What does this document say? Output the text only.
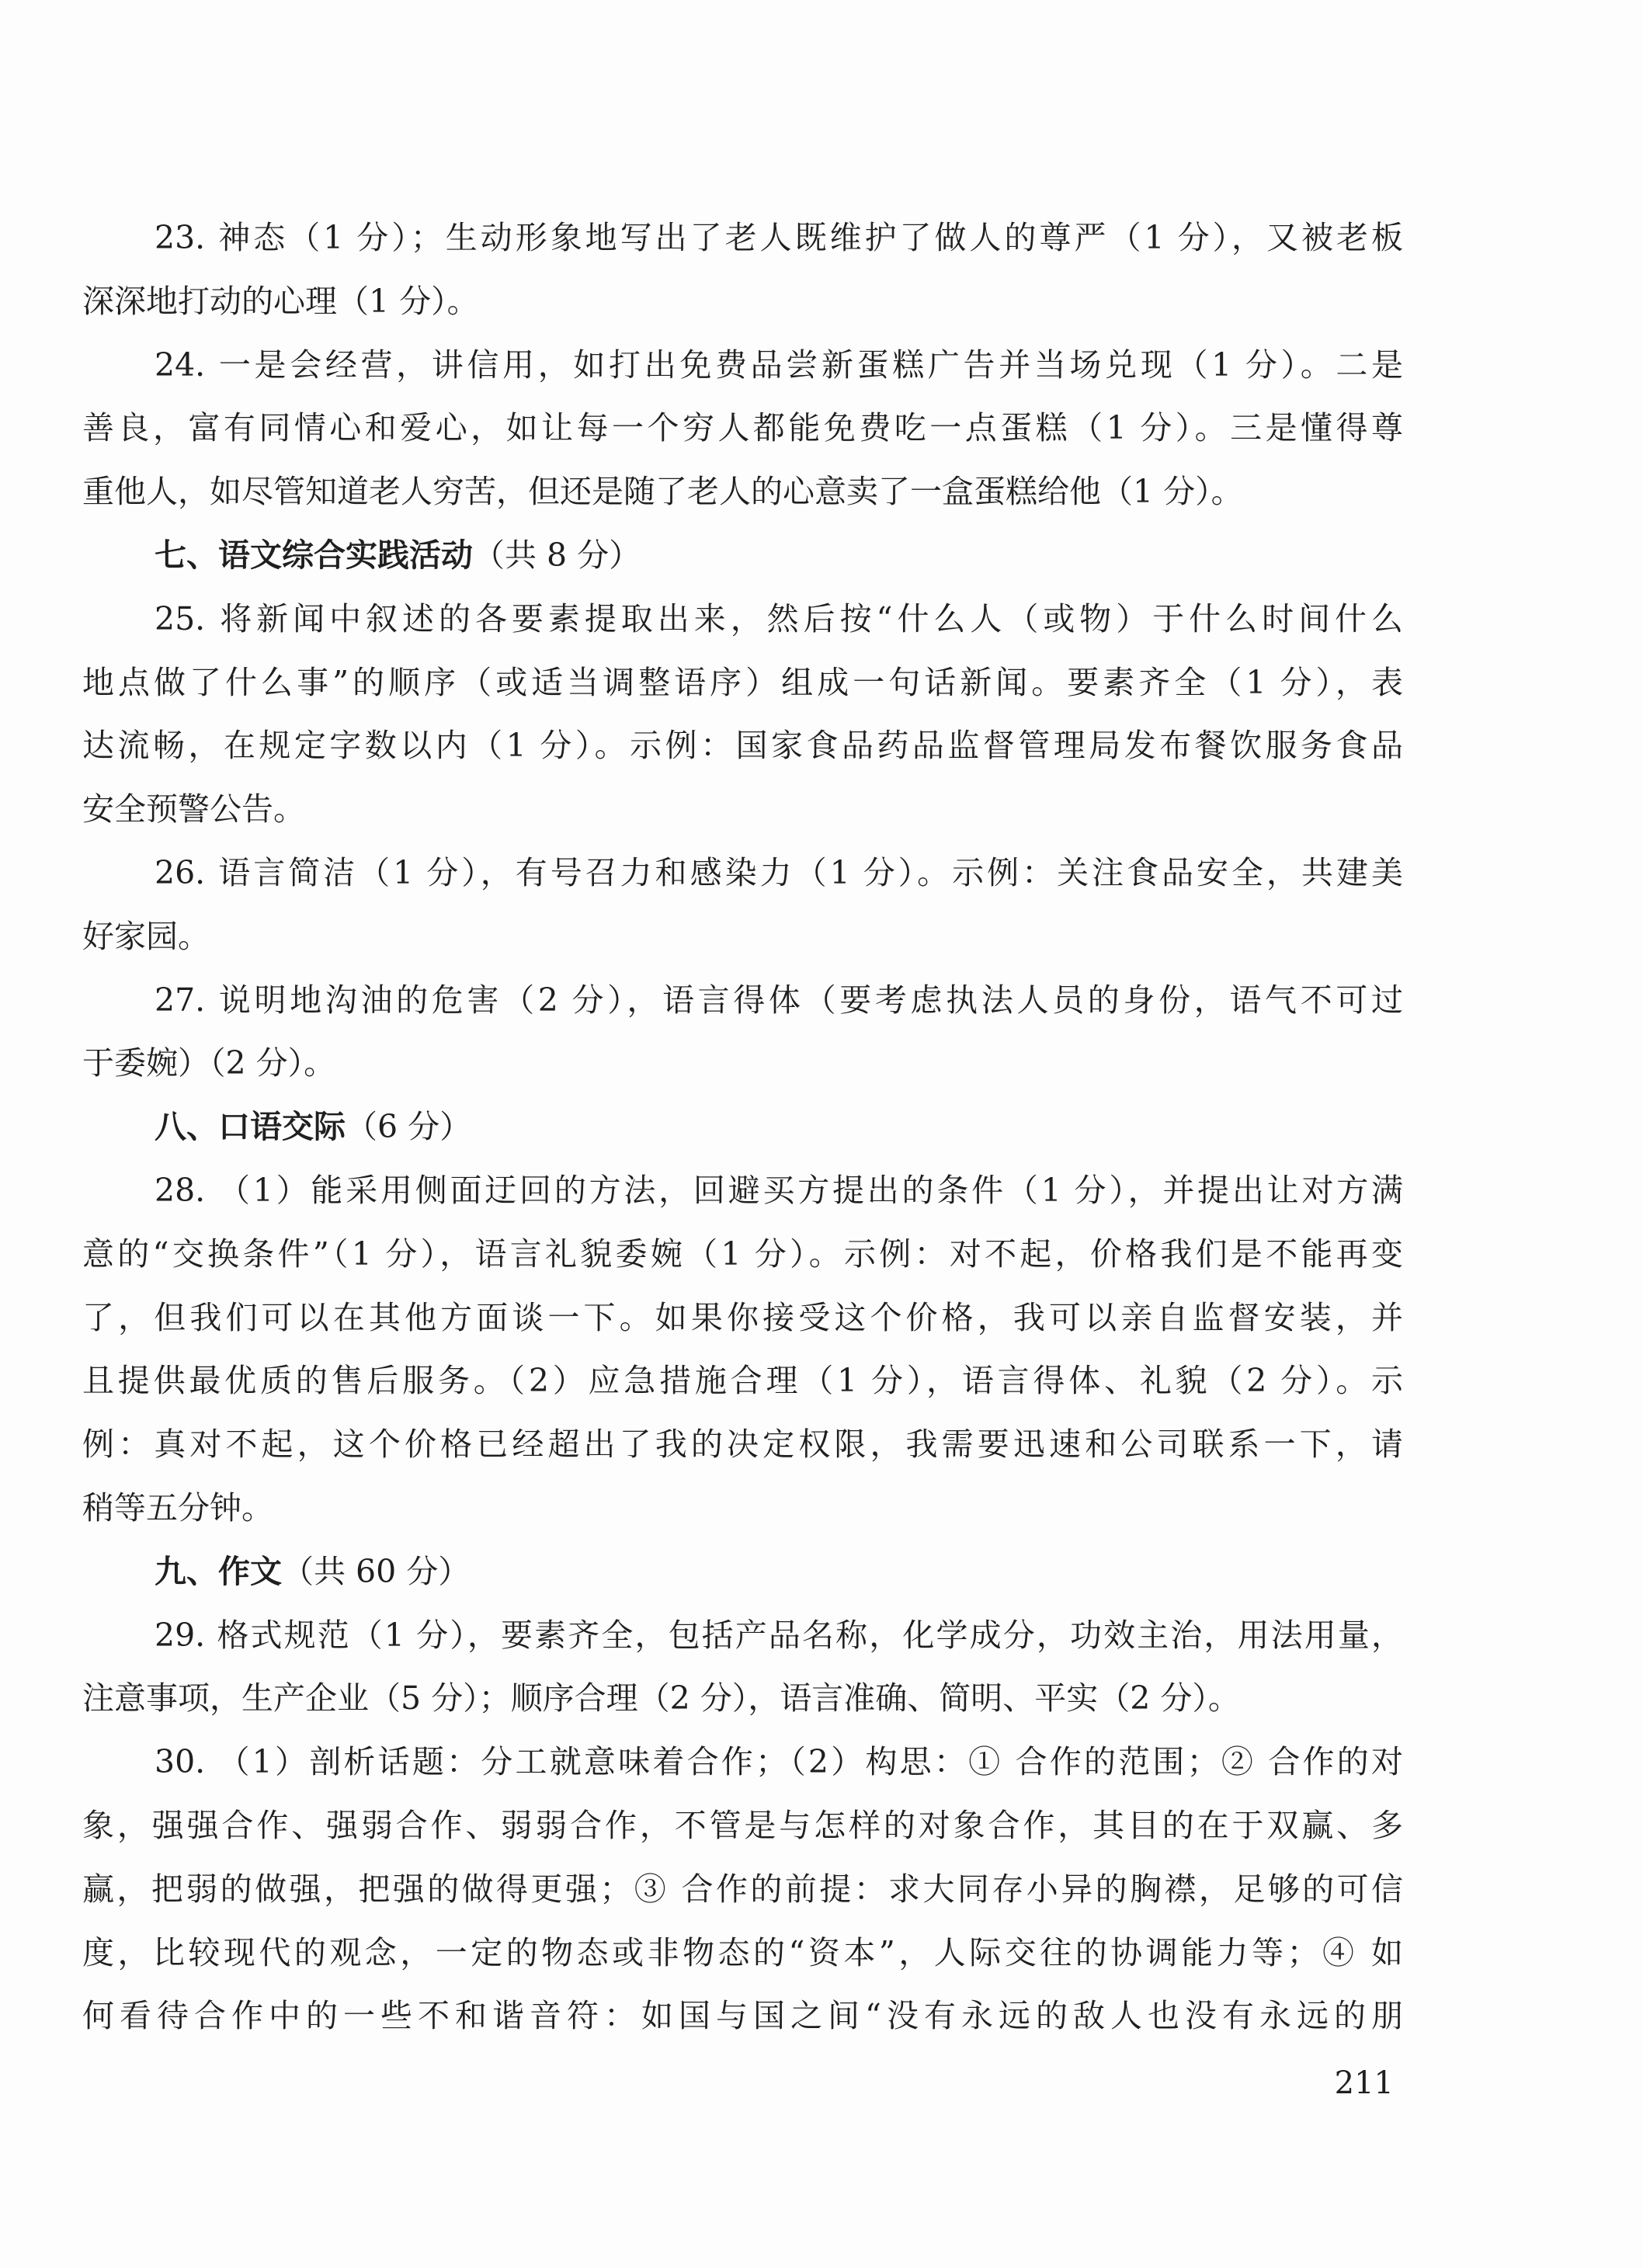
23. 神态（1 分）；生动形象地写出了老人既维护了做人的尊严（1 分），又被老板
深深地打动的心理（1 分）。
24. 一是会经营，讲信用，如打出免费品尝新蛋糕广告并当场兑现（1 分）。二是
善良，富有同情心和爱心，如让每一个穷人都能免费吃一点蛋糕（1 分）。三是懂得尊
重他人，如尽管知道老人穷苦，但还是随了老人的心意卖了一盒蛋糕给他（1 分）。
七、语文综合实践活动（共 8 分）
25. 将新闻中叙述的各要素提取出来，然后按“什么人（或物）于什么时间什么
地点做了什么事”的顺序（或适当调整语序）组成一句话新闻。要素齐全（1 分），表
达流畅，在规定字数以内（1 分）。示例：国家食品药品监督管理局发布餐饮服务食品
安全预警公告。
26. 语言简洁（1 分），有号召力和感染力（1 分）。示例：关注食品安全，共建美
好家园。
27. 说明地沟油的危害（2 分），语言得体（要考虑执法人员的身份，语气不可过
于委婉）（2 分）。
八、口语交际（6 分）
28. （1）能采用侧面迂回的方法，回避买方提出的条件（1 分），并提出让对方满
意的“交换条件”（1 分），语言礼貌委婉（1 分）。示例：对不起，价格我们是不能再变
了，但我们可以在其他方面谈一下。如果你接受这个价格，我可以亲自监督安装，并
且提供最优质的售后服务。（2）应急措施合理（1 分），语言得体、礼貌（2 分）。示
例：真对不起，这个价格已经超出了我的决定权限，我需要迅速和公司联系一下，请
稍等五分钟。
九、作文（共 60 分）
29. 格式规范（1 分），要素齐全，包括产品名称，化学成分，功效主治，用法用量，
注意事项，生产企业（5 分）；顺序合理（2 分），语言准确、简明、平实（2 分）。
30. （1）剖析话题：分工就意味着合作；（2）构思：① 合作的范围；② 合作的对
象，强强合作、强弱合作、弱弱合作，不管是与怎样的对象合作，其目的在于双赢、多
赢，把弱的做强，把强的做得更强；③ 合作的前提：求大同存小异的胸襟，足够的可信
度，比较现代的观念，一定的物态或非物态的“资本”，人际交往的协调能力等；④ 如
何看待合作中的一些不和谐音符：如国与国之间“没有永远的敌人也没有永远的朋
211
